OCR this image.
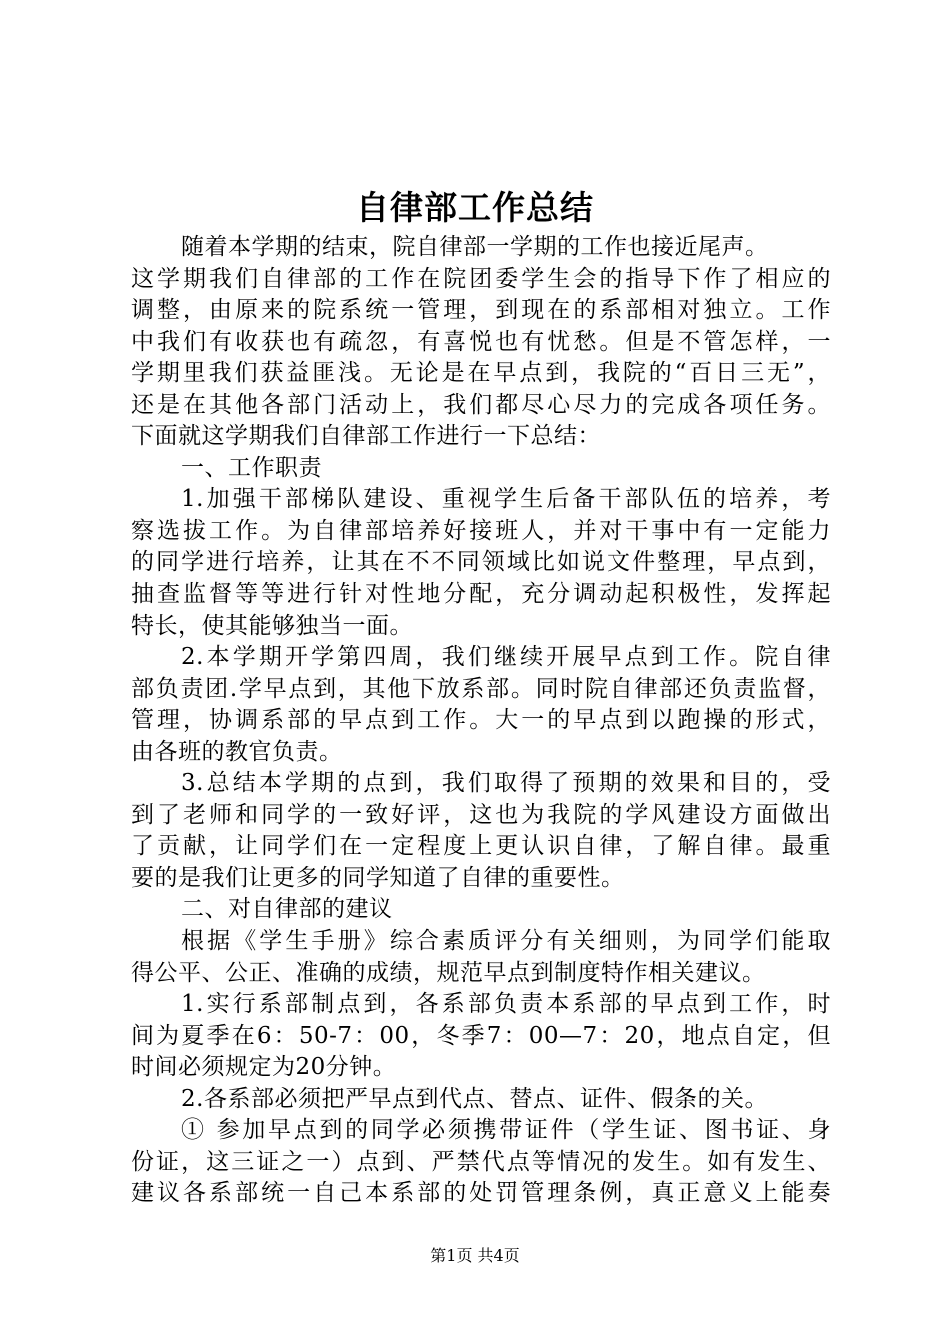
自律部工作总结
随着本学期的结束，院自律部一学期的工作也接近尾声。
这学期我们自律部的工作在院团委学生会的指导下作了相应的
调整，由原来的院系统一管理，到现在的系部相对独立。工作
中我们有收获也有疏忽，有喜悦也有忧愁。但是不管怎样，一
学期里我们获益匪浅。无论是在早点到，我院的“百日三无”，
还是在其他各部门活动上，我们都尽心尽力的完成各项任务。
下面就这学期我们自律部工作进行一下总结：
一、工作职责
1.加强干部梯队建设、重视学生后备干部队伍的培养，考
察选拔工作。为自律部培养好接班人，并对干事中有一定能力
的同学进行培养，让其在不不同领域比如说文件整理，早点到，
抽查监督等等进行针对性地分配，充分调动起积极性，发挥起
特长，使其能够独当一面。
2.本学期开学第四周，我们继续开展早点到工作。院自律
部负责团.学早点到，其他下放系部。同时院自律部还负责监督，
管理，协调系部的早点到工作。大一的早点到以跑操的形式，
由各班的教官负责。
3.总结本学期的点到，我们取得了预期的效果和目的，受
到了老师和同学的一致好评，这也为我院的学风建设方面做出
了贡献，让同学们在一定程度上更认识自律，了解自律。最重
要的是我们让更多的同学知道了自律的重要性。
二、对自律部的建议
根据《学生手册》综合素质评分有关细则，为同学们能取
得公平、公正、准确的成绩，规范早点到制度特作相关建议。
1.实行系部制点到，各系部负责本系部的早点到工作，时
间为夏季在6：50-7：00，冬季7：00—7：20，地点自定，但
时间必须规定为20分钟。
2.各系部必须把严早点到代点、替点、证件、假条的关。
① 参加早点到的同学必须携带证件（学生证、图书证、身
份证，这三证之一）点到、严禁代点等情况的发生。如有发生、
建议各系部统一自己本系部的处罚管理条例，真正意义上能奏
第1页 共4页
